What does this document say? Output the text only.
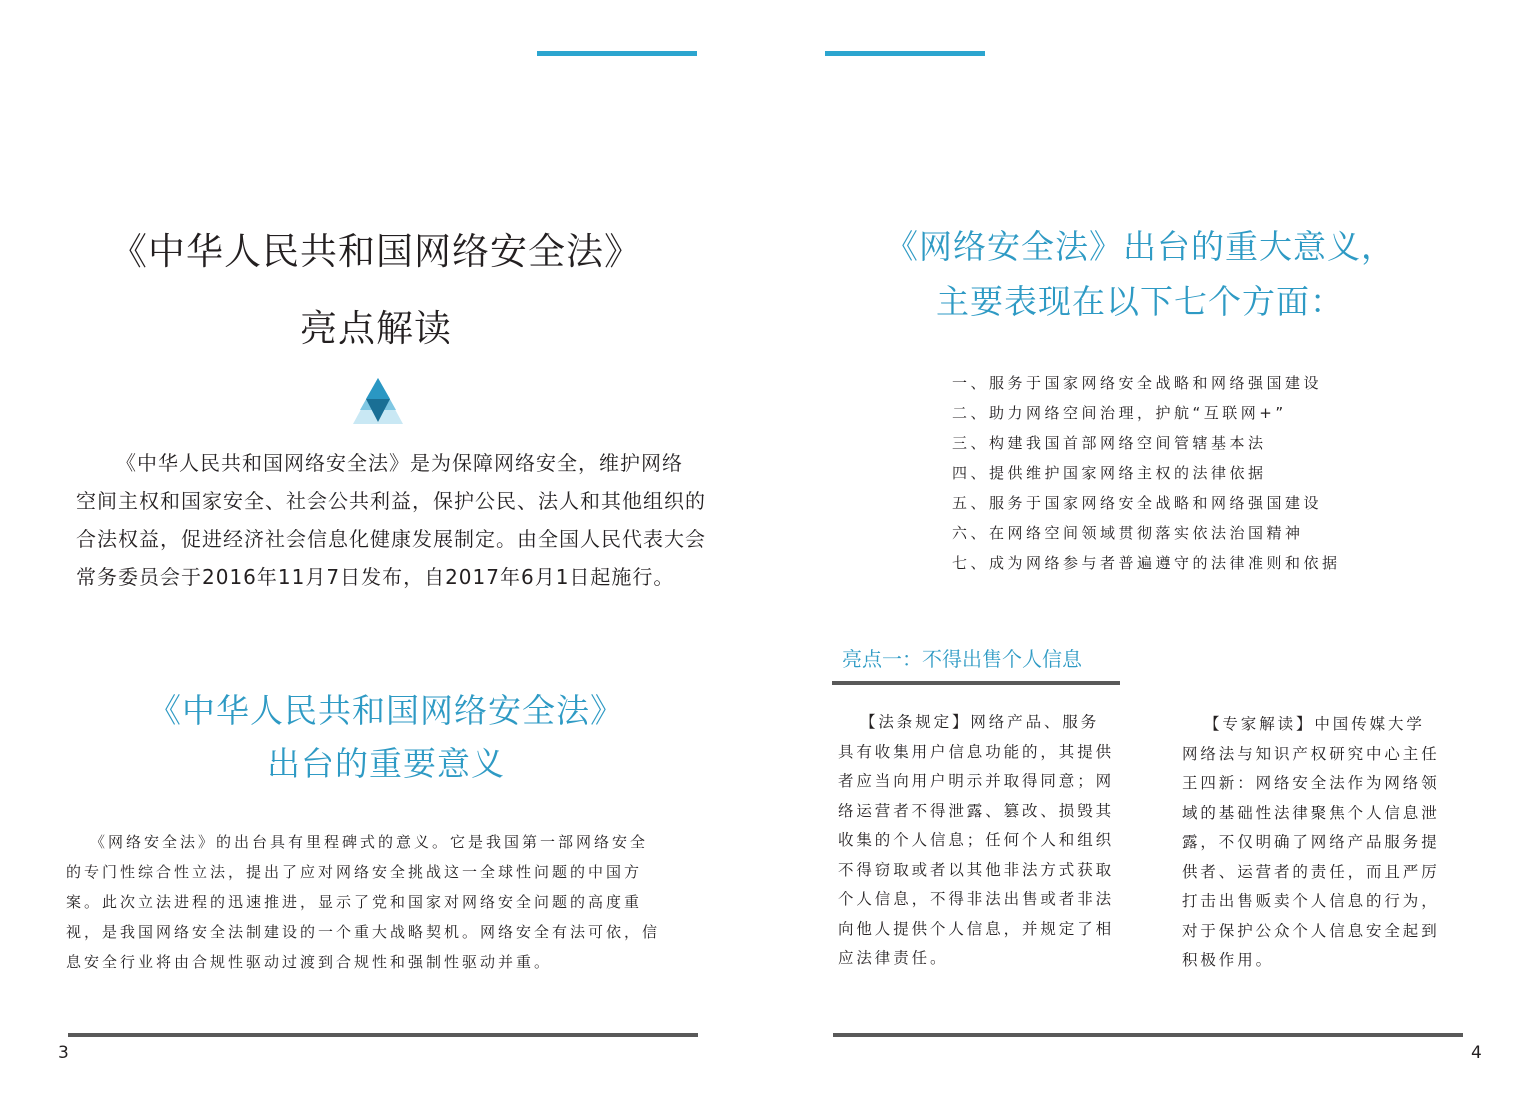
《中华人民共和国网络安全法》
亮点解读
《中华人民共和国网络安全法》是为保障网络安全，维护网络
空间主权和国家安全、社会公共利益，保护公民、法人和其他组织的
合法权益，促进经济社会信息化健康发展制定。由全国人民代表大会
常务委员会于2016年11月7日发布，自2017年6月1日起施行。
《中华人民共和国网络安全法》
出台的重要意义
《网络安全法》的出台具有里程碑式的意义。它是我国第一部网络安全
的专门性综合性立法，提出了应对网络安全挑战这一全球性问题的中国方
案。此次立法进程的迅速推进，显示了党和国家对网络安全问题的高度重
视，是我国网络安全法制建设的一个重大战略契机。网络安全有法可依，信
息安全行业将由合规性驱动过渡到合规性和强制性驱动并重。
3
《网络安全法》出台的重大意义，
主要表现在以下七个方面：
一、服务于国家网络安全战略和网络强国建设
二、助力网络空间治理，护航“互联网+”
三、构建我国首部网络空间管辖基本法
四、提供维护国家网络主权的法律依据
五、服务于国家网络安全战略和网络强国建设
六、在网络空间领域贯彻落实依法治国精神
七、成为网络参与者普遍遵守的法律准则和依据
亮点一：不得出售个人信息
【法条规定】网络产品、服务
具有收集用户信息功能的，其提供
者应当向用户明示并取得同意；网
络运营者不得泄露、篡改、损毁其
收集的个人信息；任何个人和组织
不得窃取或者以其他非法方式获取
个人信息，不得非法出售或者非法
向他人提供个人信息，并规定了相
应法律责任。
【专家解读】中国传媒大学
网络法与知识产权研究中心主任
王四新：网络安全法作为网络领
域的基础性法律聚焦个人信息泄
露，不仅明确了网络产品服务提
供者、运营者的责任，而且严厉
打击出售贩卖个人信息的行为，
对于保护公众个人信息安全起到
积极作用。
4
